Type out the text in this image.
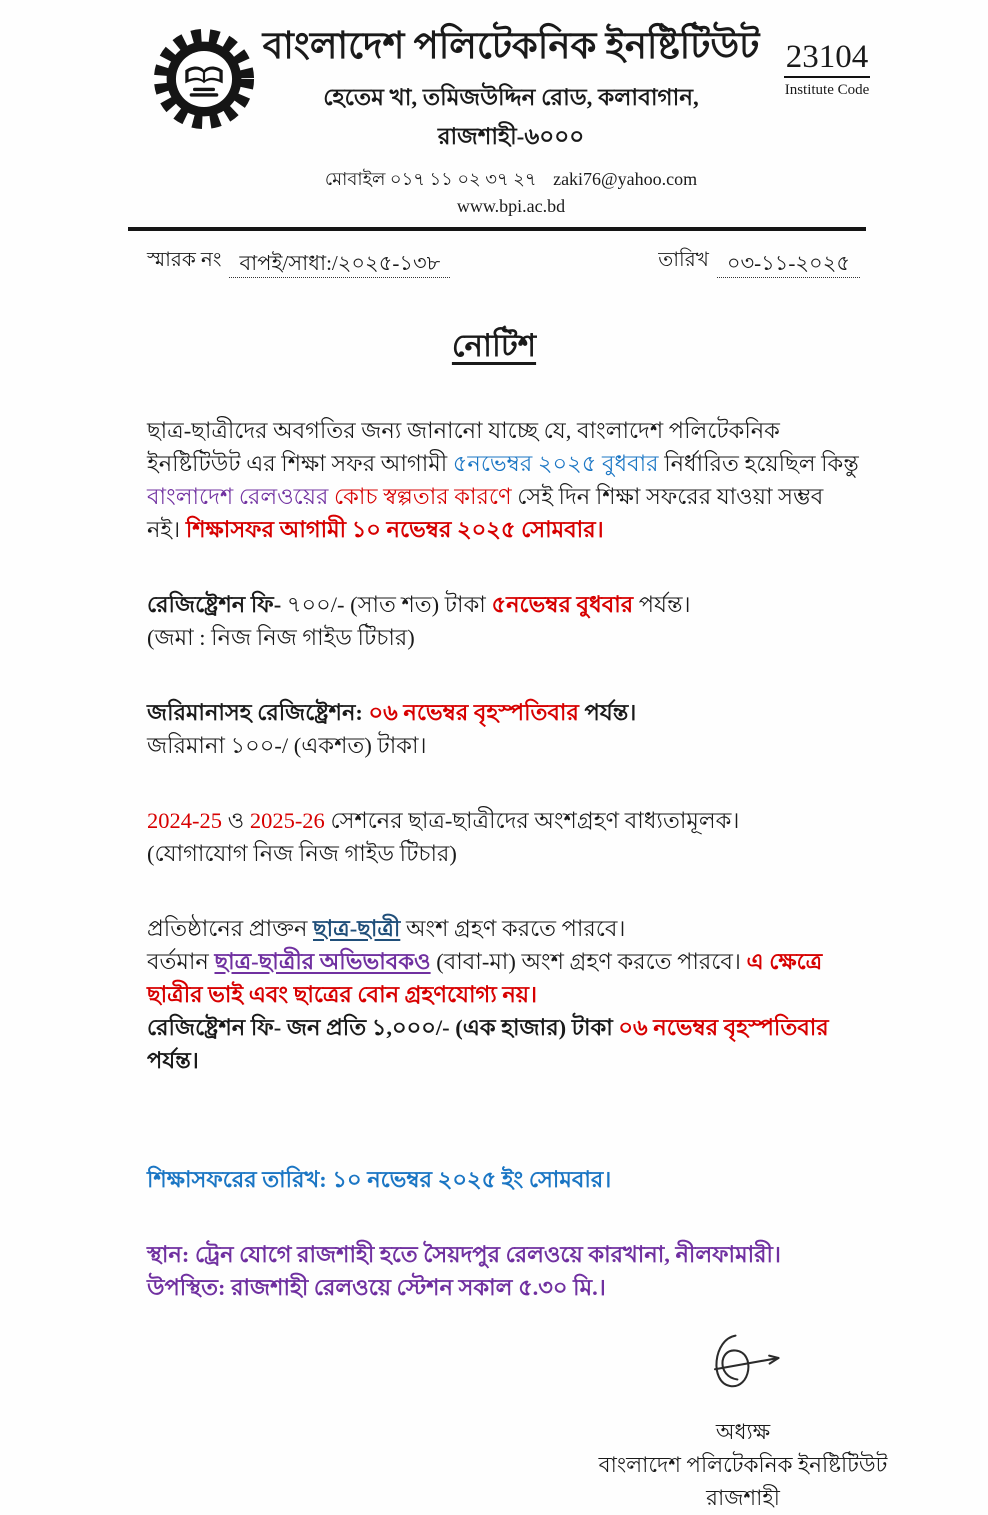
বাংলাদেশ পলিটেকনিক ইনষ্টিটিউট
হেতেম খা, তমিজউদ্দিন রোড, কলাবাগান, রাজশাহী-৬০০০
মোবাইল ০১৭ ১১ ০২ ৩৭ ২৭ zaki76@yahoo.com www.bpi.ac.bd
23104
Institute Code
স্মারক নং বাপই/সাধা:/২০২৫-১৩৮	তারিখ ০৩-১১-২০২৫
নোটিশ
ছাত্র-ছাত্রীদের অবগতির জন্য জানানো যাচ্ছে যে, বাংলাদেশ পলিটেকনিক ইনষ্টিটিউট এর শিক্ষা সফর আগামী ৫নভেম্বর ২০২৫ বুধবার নির্ধারিত হয়েছিল কিন্তু বাংলাদেশ রেলওয়ের কোচ স্বল্পতার কারণে সেই দিন শিক্ষা সফরের যাওয়া সম্ভব নই। শিক্ষাসফর আগামী ১০ নভেম্বর ২০২৫ সোমবার।
রেজিষ্ট্রেশন ফি- ৭০০/- (সাত শত) টাকা ৫নভেম্বর বুধবার পর্যন্ত।
(জমা : নিজ নিজ গাইড টিচার)
জরিমানাসহ রেজিষ্ট্রেশন: ০৬ নভেম্বর বৃহস্পতিবার পর্যন্ত।
জরিমানা ১০০-/ (একশত) টাকা।
2024-25 ও 2025-26 সেশনের ছাত্র-ছাত্রীদের অংশগ্রহণ বাধ্যতামূলক।
(যোগাযোগ নিজ নিজ গাইড টিচার)
প্রতিষ্ঠানের প্রাক্তন ছাত্র-ছাত্রী অংশ গ্রহণ করতে পারবে।
বর্তমান ছাত্র-ছাত্রীর অভিভাবকও (বাবা-মা) অংশ গ্রহণ করতে পারবে। এ ক্ষেত্রে ছাত্রীর ভাই এবং ছাত্রের বোন গ্রহণযোগ্য নয়।
রেজিষ্ট্রেশন ফি- জন প্রতি ১,০০০/- (এক হাজার) টাকা ০৬ নভেম্বর বৃহস্পতিবার পর্যন্ত।
শিক্ষাসফরের তারিখ: ১০ নভেম্বর ২০২৫ ইং সোমবার।
স্থান: ট্রেন যোগে রাজশাহী হতে সৈয়দপুর রেলওয়ে কারখানা, নীলফামারী।
উপস্থিত: রাজশাহী রেলওয়ে স্টেশন সকাল ৫.৩০ মি.।
অধ্যক্ষ
বাংলাদেশ পলিটেকনিক ইনষ্টিটিউট
রাজশাহী
